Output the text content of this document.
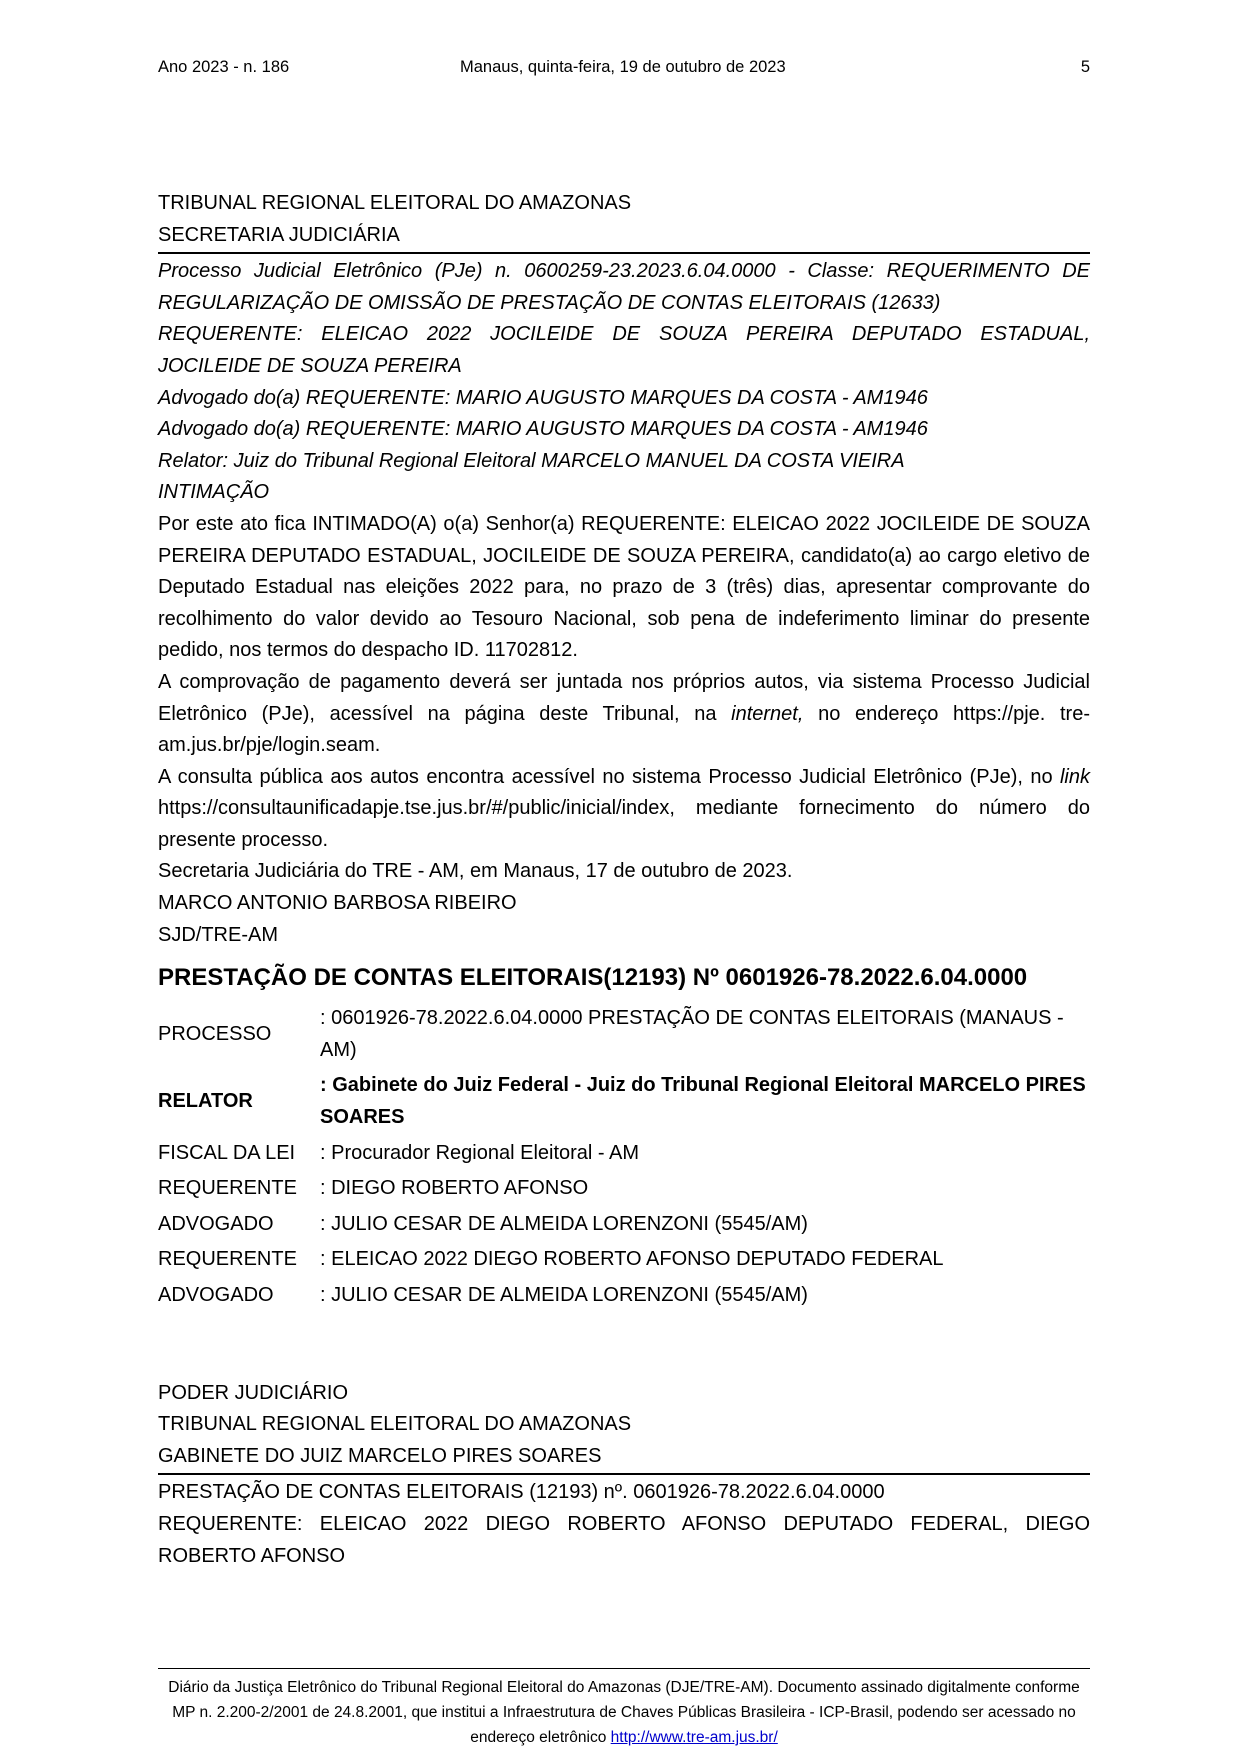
Ano 2023 - n. 186	Manaus, quinta-feira, 19 de outubro de 2023	5

TRIBUNAL REGIONAL ELEITORAL DO AMAZONAS

SECRETARIA JUDICIÁRIA

Processo Judicial Eletrônico (PJe) n. 0600259-23.2023.6.04.0000 - Classe: REQUERIMENTO DE REGULARIZAÇÃO DE OMISSÃO DE PRESTAÇÃO DE CONTAS ELEITORAIS (12633)

REQUERENTE: ELEICAO 2022 JOCILEIDE DE SOUZA PEREIRA DEPUTADO ESTADUAL, JOCILEIDE DE SOUZA PEREIRA

Advogado do(a) REQUERENTE: MARIO AUGUSTO MARQUES DA COSTA - AM1946

Advogado do(a) REQUERENTE: MARIO AUGUSTO MARQUES DA COSTA - AM1946

Relator: Juiz do Tribunal Regional Eleitoral MARCELO MANUEL DA COSTA VIEIRA

INTIMAÇÃO

Por este ato fica INTIMADO(A) o(a) Senhor(a) REQUERENTE: ELEICAO 2022 JOCILEIDE DE SOUZA PEREIRA DEPUTADO ESTADUAL, JOCILEIDE DE SOUZA PEREIRA, candidato(a) ao cargo eletivo de Deputado Estadual nas eleições 2022 para, no prazo de 3 (três) dias, apresentar comprovante do recolhimento do valor devido ao Tesouro Nacional, sob pena de indeferimento liminar do presente pedido, nos termos do despacho ID. 11702812.

A comprovação de pagamento deverá ser juntada nos próprios autos, via sistema Processo Judicial Eletrônico (PJe), acessível na página deste Tribunal, na internet, no endereço https://pje. tre-am.jus.br/pje/login.seam.

A consulta pública aos autos encontra acessível no sistema Processo Judicial Eletrônico (PJe), no link https://consultaunificadapje.tse.jus.br/#/public/inicial/index, mediante fornecimento do número do presente processo.

Secretaria Judiciária do TRE - AM, em Manaus, 17 de outubro de 2023.

MARCO ANTONIO BARBOSA RIBEIRO

SJD/TRE-AM

PRESTAÇÃO DE CONTAS ELEITORAIS(12193) Nº 0601926-78.2022.6.04.0000
PROCESSO	: 0601926-78.2022.6.04.0000 PRESTAÇÃO DE CONTAS ELEITORAIS (MANAUS - AM)
RELATOR	: Gabinete do Juiz Federal - Juiz do Tribunal Regional Eleitoral MARCELO PIRES SOARES
FISCAL DA LEI	: Procurador Regional Eleitoral - AM
REQUERENTE	: DIEGO ROBERTO AFONSO
ADVOGADO	: JULIO CESAR DE ALMEIDA LORENZONI (5545/AM)
REQUERENTE	: ELEICAO 2022 DIEGO ROBERTO AFONSO DEPUTADO FEDERAL
ADVOGADO	: JULIO CESAR DE ALMEIDA LORENZONI (5545/AM)

PODER JUDICIÁRIO

TRIBUNAL REGIONAL ELEITORAL DO AMAZONAS

GABINETE DO JUIZ MARCELO PIRES SOARES

PRESTAÇÃO DE CONTAS ELEITORAIS (12193) nº. 0601926-78.2022.6.04.0000

REQUERENTE: ELEICAO 2022 DIEGO ROBERTO AFONSO DEPUTADO FEDERAL, DIEGO ROBERTO AFONSO

Diário da Justiça Eletrônico do Tribunal Regional Eleitoral do Amazonas (DJE/TRE-AM). Documento assinado digitalmente conforme MP n. 2.200-2/2001 de 24.8.2001, que institui a Infraestrutura de Chaves Públicas Brasileira - ICP-Brasil, podendo ser acessado no endereço eletrônico http://www.tre-am.jus.br/
